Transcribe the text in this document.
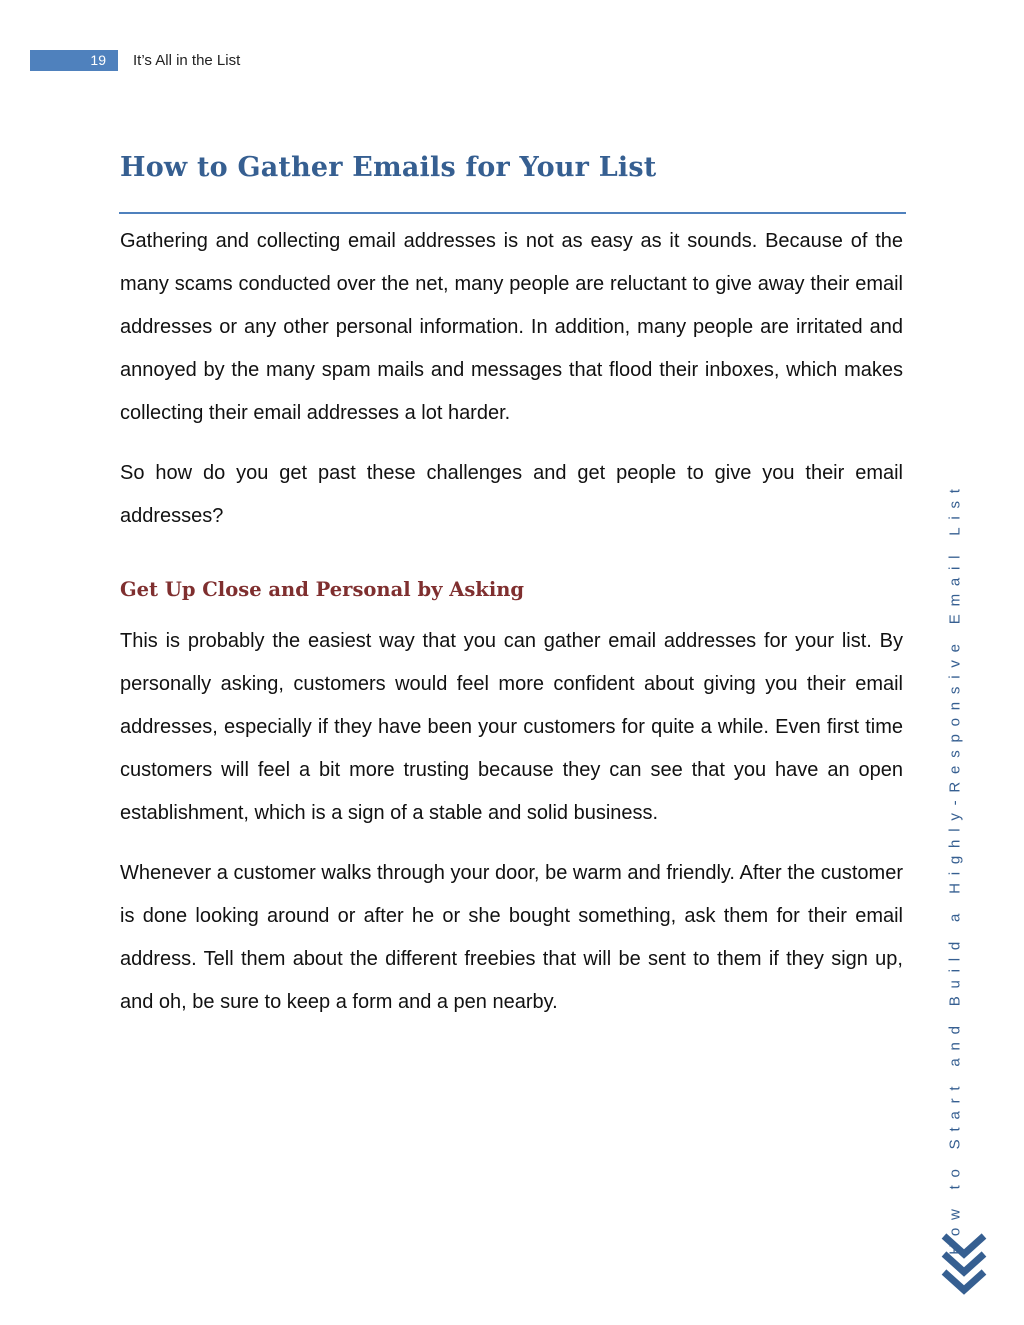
19	It’s All in the List
How to Gather Emails for Your List

Gathering and collecting email addresses is not as easy as it sounds. Because of the many scams conducted over the net, many people are reluctant to give away their email addresses or any other personal information. In addition, many people are irritated and annoyed by the many spam mails and messages that flood their inboxes, which makes collecting their email addresses a lot harder.

So how do you get past these challenges and get people to give you their email addresses?

Get Up Close and Personal by Asking

This is probably the easiest way that you can gather email addresses for your list. By personally asking, customers would feel more confident about giving you their email addresses, especially if they have been your customers for quite a while. Even first time customers will feel a bit more trusting because they can see that you have an open establishment, which is a sign of a stable and solid business.

Whenever a customer walks through your door, be warm and friendly. After the customer is done looking around or after he or she bought something, ask them for their email address. Tell them about the different freebies that will be sent to them if they sign up, and oh, be sure to keep a form and a pen nearby.	How to Start and Build a Highly-Responsive Email List
